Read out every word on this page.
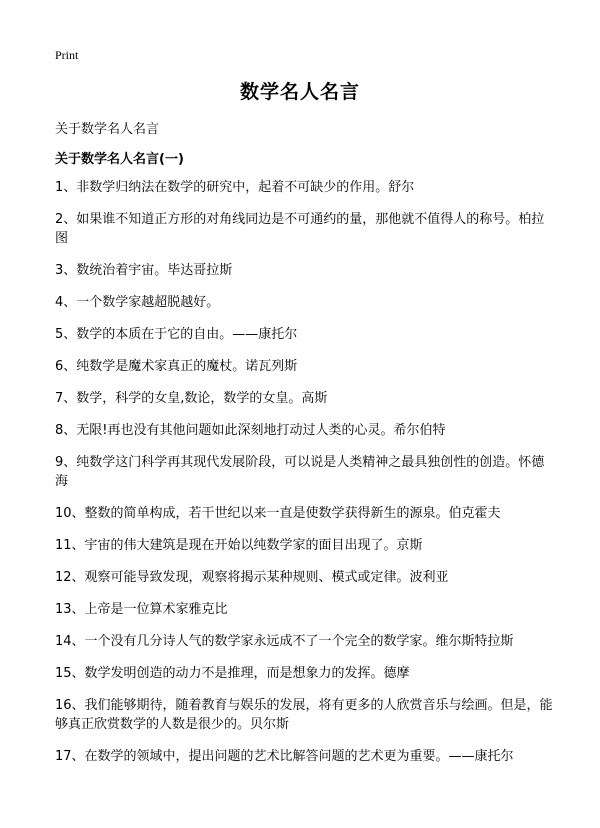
Print
数学名人名言

关于数学名人名言

关于数学名人名言(一)

1、非数学归纳法在数学的研究中，起着不可缺少的作用。舒尔

2、如果谁不知道正方形的对角线同边是不可通约的量，那他就不值得人的称号。柏拉图

3、数统治着宇宙。毕达哥拉斯

4、一个数学家越超脱越好。

5、数学的本质在于它的自由。——康托尔

6、纯数学是魔术家真正的魔杖。诺瓦列斯

7、数学，科学的女皇,数论，数学的女皇。高斯

8、无限!再也没有其他问题如此深刻地打动过人类的心灵。希尔伯特

9、纯数学这门科学再其现代发展阶段，可以说是人类精神之最具独创性的创造。怀德海

10、整数的简单构成，若干世纪以来一直是使数学获得新生的源泉。伯克霍夫

11、宇宙的伟大建筑是现在开始以纯数学家的面目出现了。京斯

12、观察可能导致发现，观察将揭示某种规则、模式或定律。波利亚

13、上帝是一位算术家雅克比

14、一个没有几分诗人气的数学家永远成不了一个完全的数学家。维尔斯特拉斯

15、数学发明创造的动力不是推理，而是想象力的发挥。德摩

16、我们能够期待，随着教育与娱乐的发展，将有更多的人欣赏音乐与绘画。但是，能够真正欣赏数学的人数是很少的。贝尔斯

17、在数学的领域中，提出问题的艺术比解答问题的艺术更为重要。——康托尔
